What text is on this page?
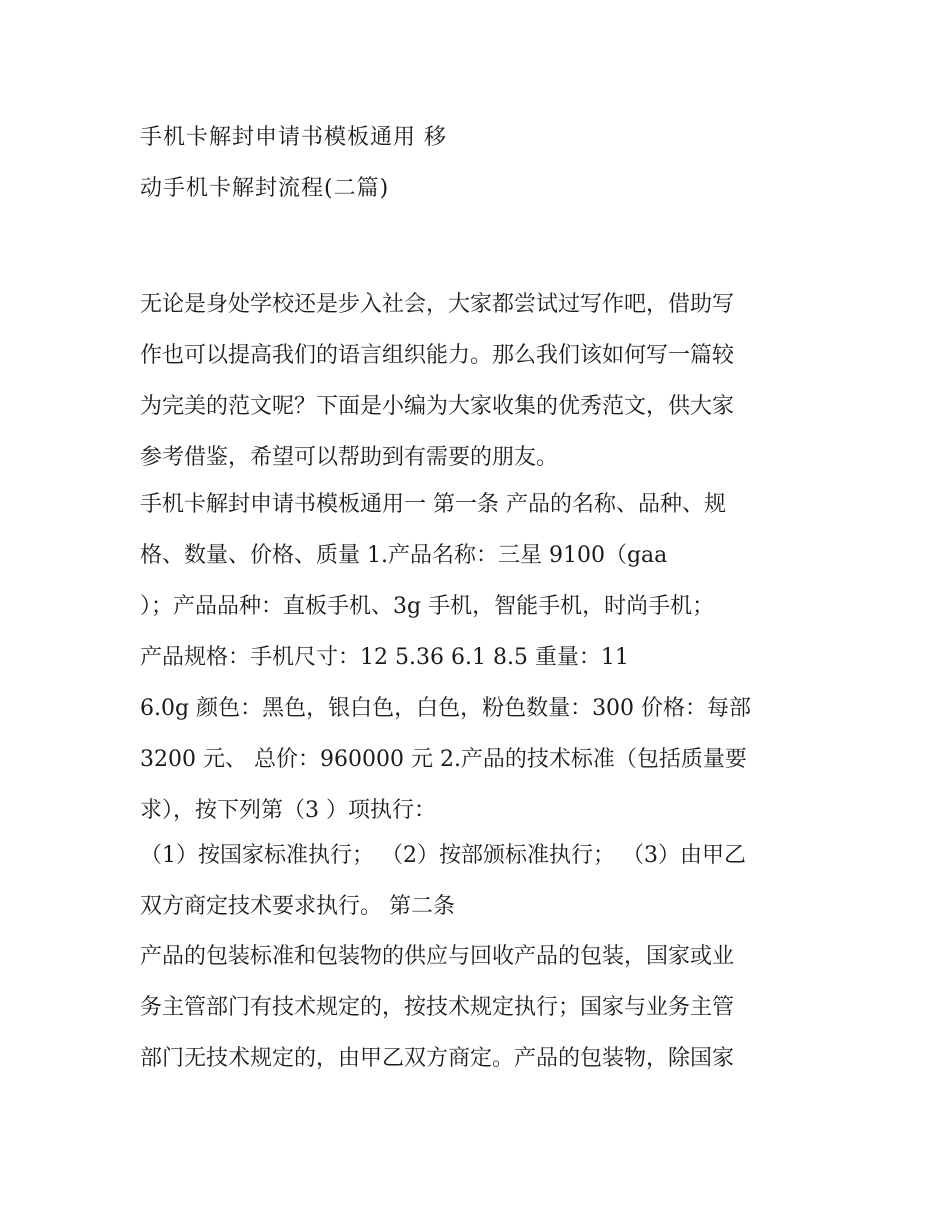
手机卡解封申请书模板通用 移
动手机卡解封流程(二篇)
无论是身处学校还是步入社会，大家都尝试过写作吧，借助写
作也可以提高我们的语言组织能力。那么我们该如何写一篇较
为完美的范文呢？下面是小编为大家收集的优秀范文，供大家
参考借鉴，希望可以帮助到有需要的朋友。
手机卡解封申请书模板通用一 第一条 产品的名称、品种、规
格、数量、价格、质量 1.产品名称：三星 9100（gaa
）；产品品种：直板手机、3g 手机，智能手机，时尚手机；
产品规格：手机尺寸：12 5.36 6.1 8.5 重量：11
6.0g 颜色：黑色，银白色，白色，粉色数量：300 价格：每部
3200 元、 总价：960000 元 2.产品的技术标准（包括质量要
求），按下列第（3 ）项执行：
（1）按国家标准执行； （2）按部颁标准执行； （3）由甲乙
双方商定技术要求执行。 第二条
产品的包装标准和包装物的供应与回收产品的包装，国家或业
务主管部门有技术规定的，按技术规定执行；国家与业务主管
部门无技术规定的，由甲乙双方商定。产品的包装物，除国家
